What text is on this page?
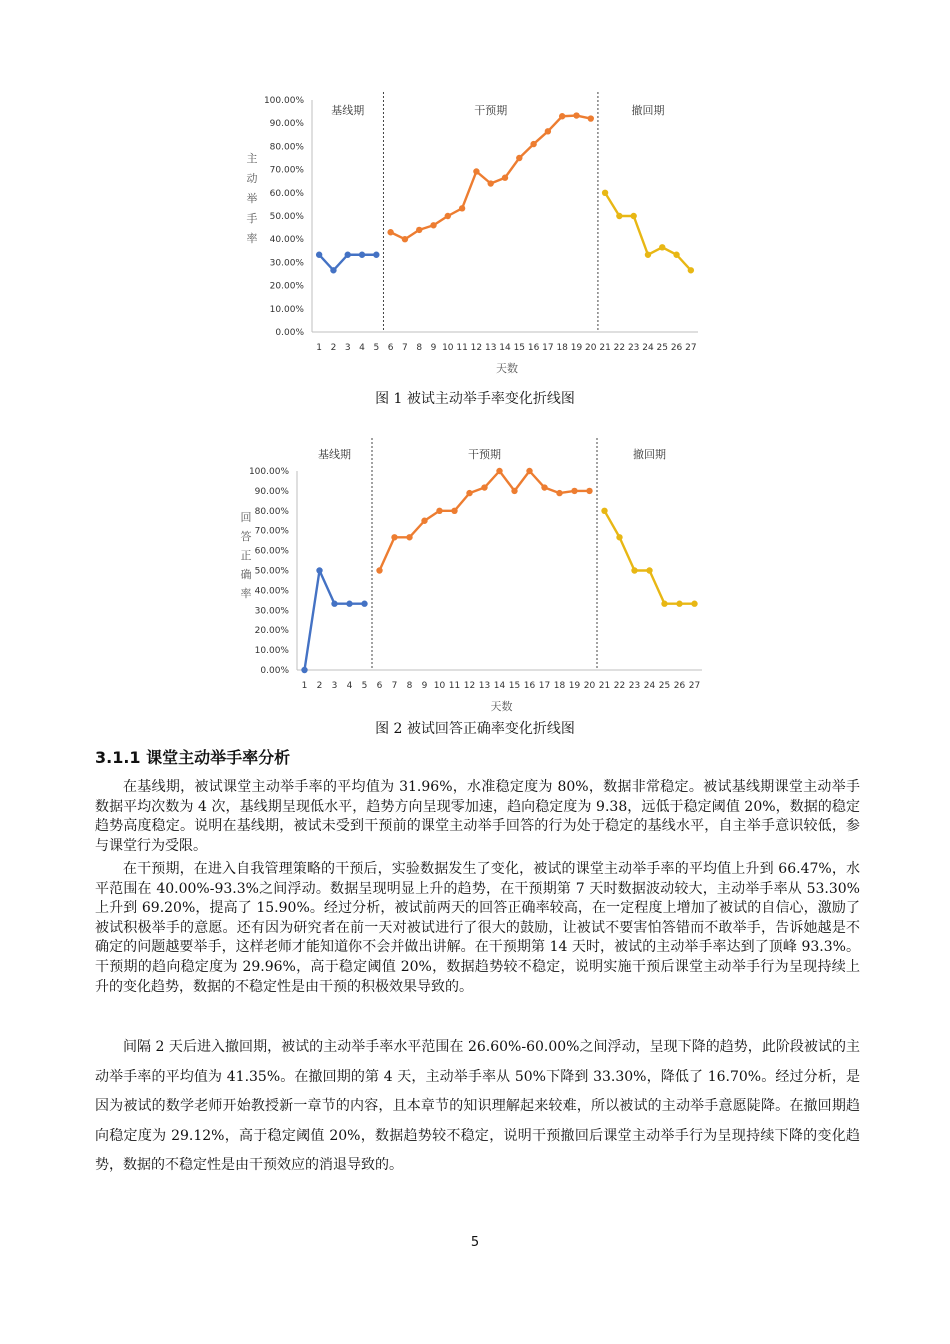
0.00%
10.00%
20.00%
30.00%
40.00%
50.00%
60.00%
70.00%
80.00%
90.00%
100.00%
1 2 3 4 5 6 7 8 9 10 11 12 13 14 15 16 17 18 19 20 21 22 23 24 25 26 27
天数
主
动
举
手
率
基线期	干预期	撤回期
图 1 被试主动举手率变化折线图
0.00%
10.00%
20.00%
30.00%
40.00%
50.00%
60.00%
70.00%
80.00%
90.00%
100.00%
1 2 3 4 5 6 7 8 9 10 11 12 13 14 15 16 17 18 19 20 21 22 23 24 25 26 27
天数
回
答
正
确
率
基线期	干预期	撤回期
图 2 被试回答正确率变化折线图
3.1.1 课堂主动举手率分析

在基线期，被试课堂主动举手率的平均值为 31.96%，水准稳定度为 80%，数据非常稳定。被试基线期课堂主动举手数据平均次数为 4 次，基线期呈现低水平，趋势方向呈现零加速，趋向稳定度为 9.38，远低于稳定阈值 20%，数据的稳定趋势高度稳定。说明在基线期，被试未受到干预前的课堂主动举手回答的行为处于稳定的基线水平，自主举手意识较低，参与课堂行为受限。

在干预期，在进入自我管理策略的干预后，实验数据发生了变化，被试的课堂主动举手率的平均值上升到 66.47%，水平范围在 40.00%-93.3%之间浮动。数据呈现明显上升的趋势，在干预期第 7 天时数据波动较大，主动举手率从 53.30%上升到 69.20%，提高了 15.90%。经过分析，被试前两天的回答正确率较高，在一定程度上增加了被试的自信心，激励了被试积极举手的意愿。还有因为研究者在前一天对被试进行了很大的鼓励，让被试不要害怕答错而不敢举手，告诉她越是不确定的问题越要举手，这样老师才能知道你不会并做出讲解。在干预期第 14 天时，被试的主动举手率达到了顶峰 93.3%。干预期的趋向稳定度为 29.96%，高于稳定阈值 20%，数据趋势较不稳定，说明实施干预后课堂主动举手行为呈现持续上升的变化趋势，数据的不稳定性是由干预的积极效果导致的。

间隔 2 天后进入撤回期，被试的主动举手率水平范围在 26.60%-60.00%之间浮动，呈现下降的趋势，此阶段被试的主动举手率的平均值为 41.35%。在撤回期的第 4 天，主动举手率从 50%下降到 33.30%，降低了 16.70%。经过分析，是因为被试的数学老师开始教授新一章节的内容，且本章节的知识理解起来较难，所以被试的主动举手意愿陡降。在撤回期趋向稳定度为 29.12%，高于稳定阈值 20%，数据趋势较不稳定，说明干预撤回后课堂主动举手行为呈现持续下降的变化趋势，数据的不稳定性是由干预效应的消退导致的。

5
